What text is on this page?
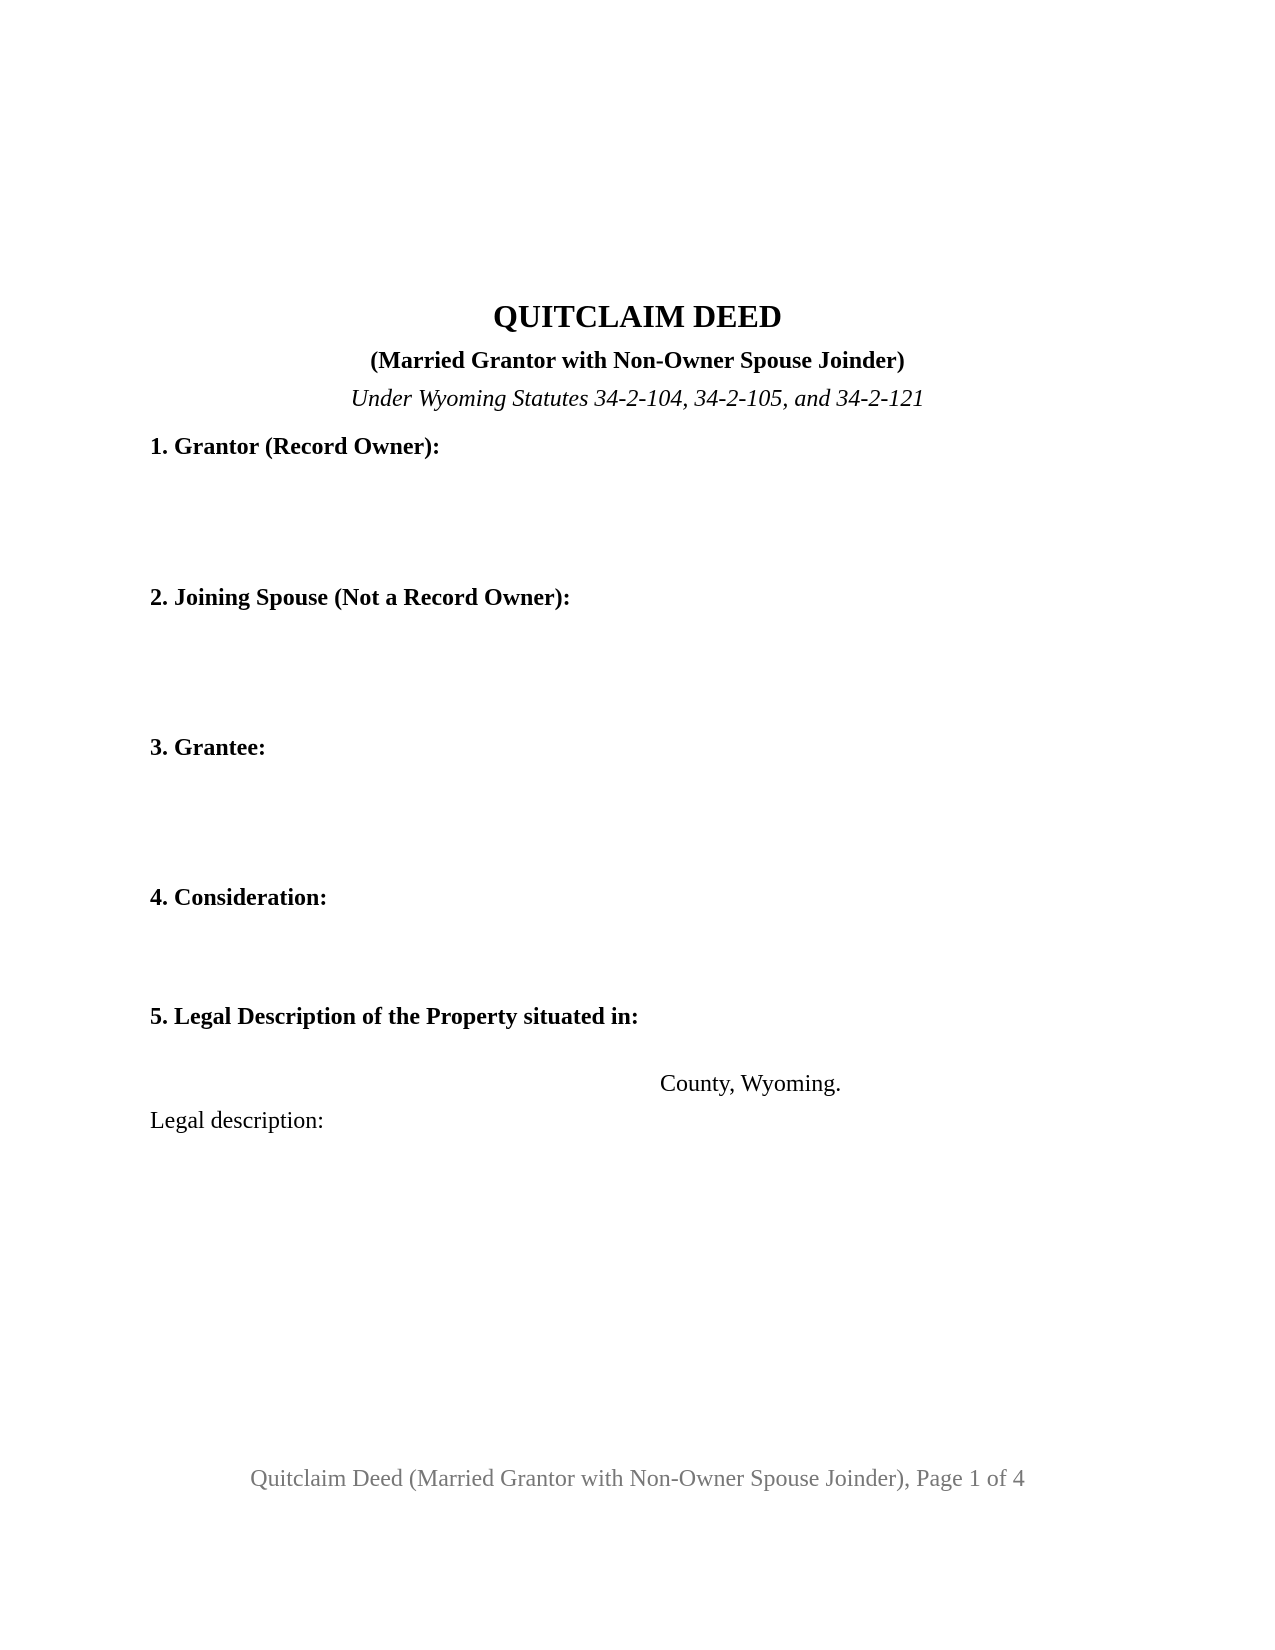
QUITCLAIM DEED
(Married Grantor with Non-Owner Spouse Joinder)
Under Wyoming Statutes 34-2-104, 34-2-105, and 34-2-121
1. Grantor (Record Owner):
2. Joining Spouse (Not a Record Owner):
3. Grantee:
4. Consideration:
5. Legal Description of the Property situated in:
County, Wyoming.
Legal description:
Quitclaim Deed (Married Grantor with Non-Owner Spouse Joinder), Page 1 of 4
